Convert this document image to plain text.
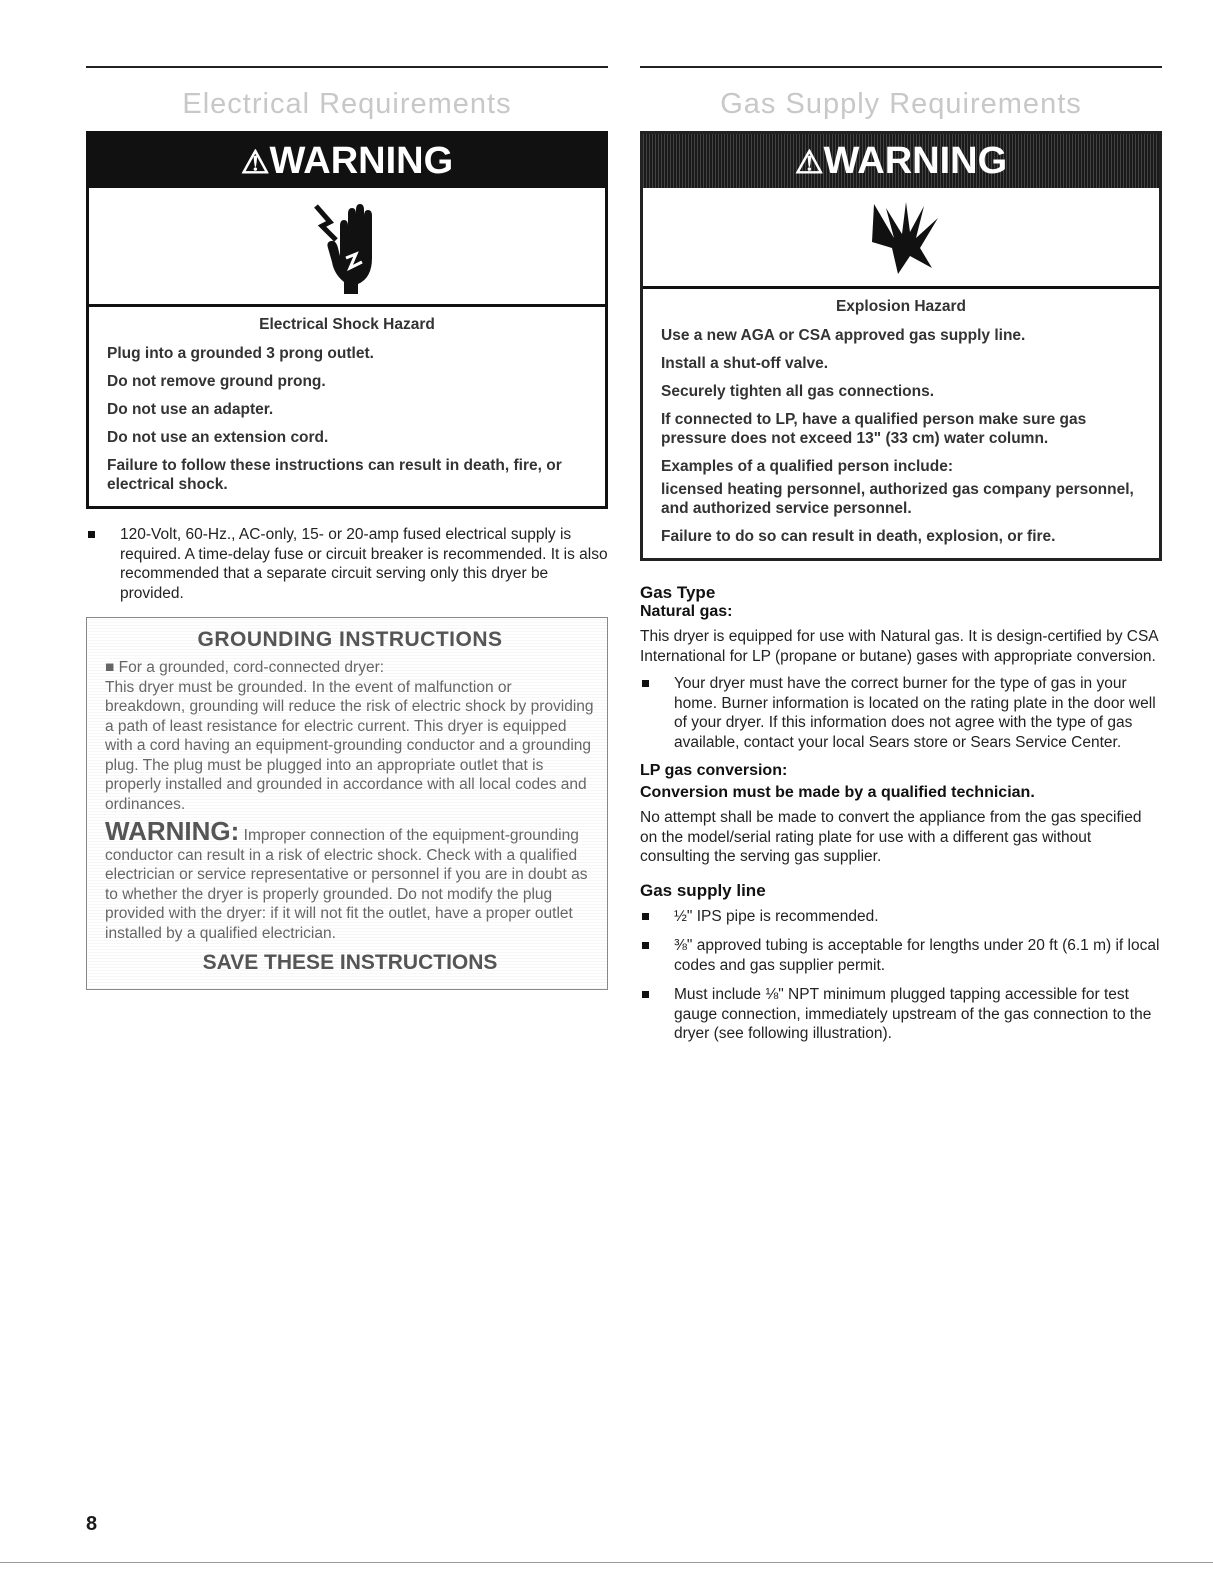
Electrical Requirements
⚠WARNING

Electrical Shock Hazard

Plug into a grounded 3 prong outlet.

Do not remove ground prong.

Do not use an adapter.

Do not use an extension cord.

Failure to follow these instructions can result in death, fire, or electrical shock.

120-Volt, 60-Hz., AC-only, 15- or 20-amp fused electrical supply is required. A time-delay fuse or circuit breaker is recommended. It is also recommended that a separate circuit serving only this dryer be provided.

GROUNDING INSTRUCTIONS
■ For a grounded, cord-connected dryer:

This dryer must be grounded. In the event of malfunction or breakdown, grounding will reduce the risk of electric shock by providing a path of least resistance for electric current. This dryer is equipped with a cord having an equipment-grounding conductor and a grounding plug. The plug must be plugged into an appropriate outlet that is properly installed and grounded in accordance with all local codes and ordinances.

WARNING: Improper connection of the equipment-grounding conductor can result in a risk of electric shock. Check with a qualified electrician or service representative or personnel if you are in doubt as to whether the dryer is properly grounded. Do not modify the plug provided with the dryer: if it will not fit the outlet, have a proper outlet installed by a qualified electrician.

SAVE THESE INSTRUCTIONS
Gas Supply Requirements
⚠WARNING

Explosion Hazard

Use a new AGA or CSA approved gas supply line.

Install a shut-off valve.

Securely tighten all gas connections.

If connected to LP, have a qualified person make sure gas pressure does not exceed 13" (33 cm) water column.

Examples of a qualified person include:

licensed heating personnel, authorized gas company personnel, and authorized service personnel.

Failure to do so can result in death, explosion, or fire.

Gas Type
Natural gas:

This dryer is equipped for use with Natural gas. It is design-certified by CSA International for LP (propane or butane) gases with appropriate conversion.

Your dryer must have the correct burner for the type of gas in your home. Burner information is located on the rating plate in the door well of your dryer. If this information does not agree with the type of gas available, contact your local Sears store or Sears Service Center.

LP gas conversion:
Conversion must be made by a qualified technician.

No attempt shall be made to convert the appliance from the gas specified on the model/serial rating plate for use with a different gas without consulting the serving gas supplier.

Gas supply line

½" IPS pipe is recommended.

⅜" approved tubing is acceptable for lengths under 20 ft (6.1 m) if local codes and gas supplier permit.

Must include ⅛" NPT minimum plugged tapping accessible for test gauge connection, immediately upstream of the gas connection to the dryer (see following illustration).

8
